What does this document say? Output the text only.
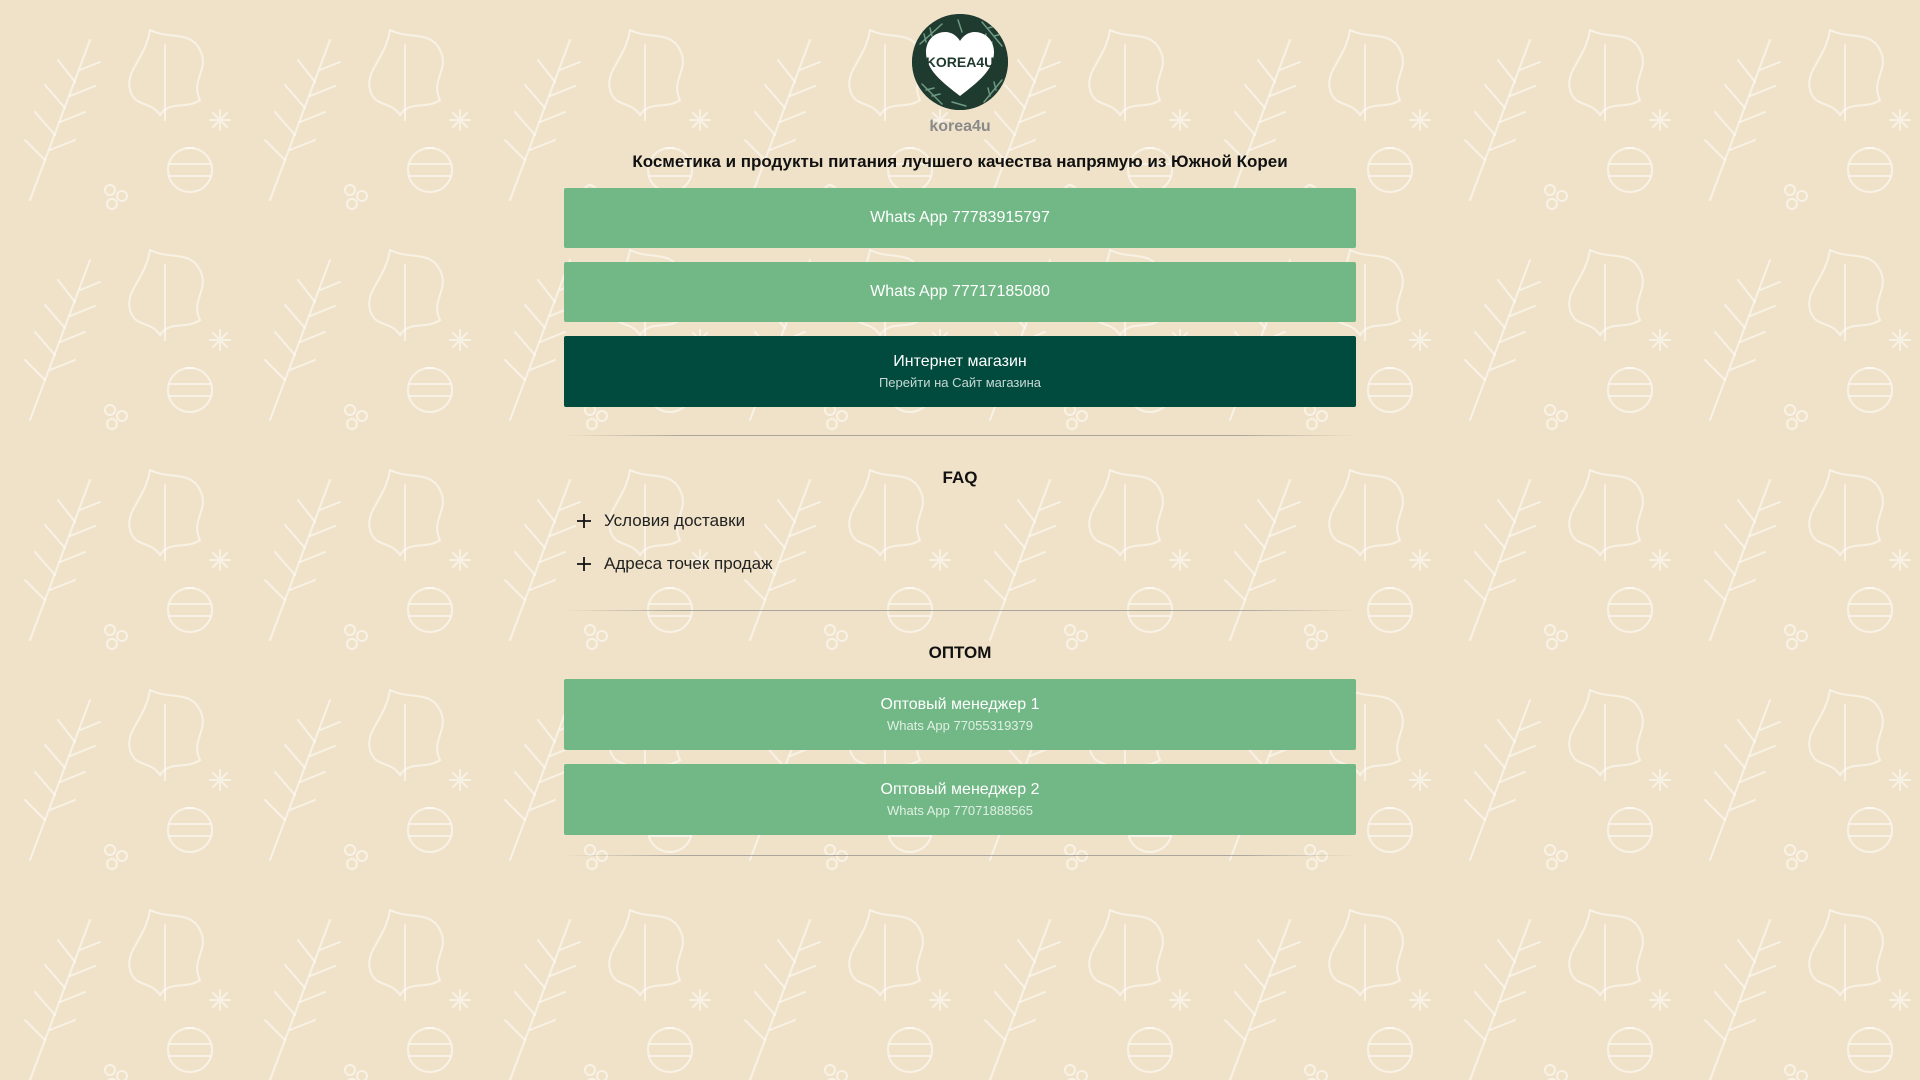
KOREA4U
korea4u
Косметика и продукты питания лучшего качества напрямую из Южной Кореи
Whats App 77783915797
Whats App 77717185080
Интернет магазин
Перейти на Сайт магазина
FAQ
Условия доставки
Адреса точек продаж
ОПТОМ
Оптовый менеджер 1
Whats App 77055319379
Оптовый менеджер 2
Whats App 77071888565
